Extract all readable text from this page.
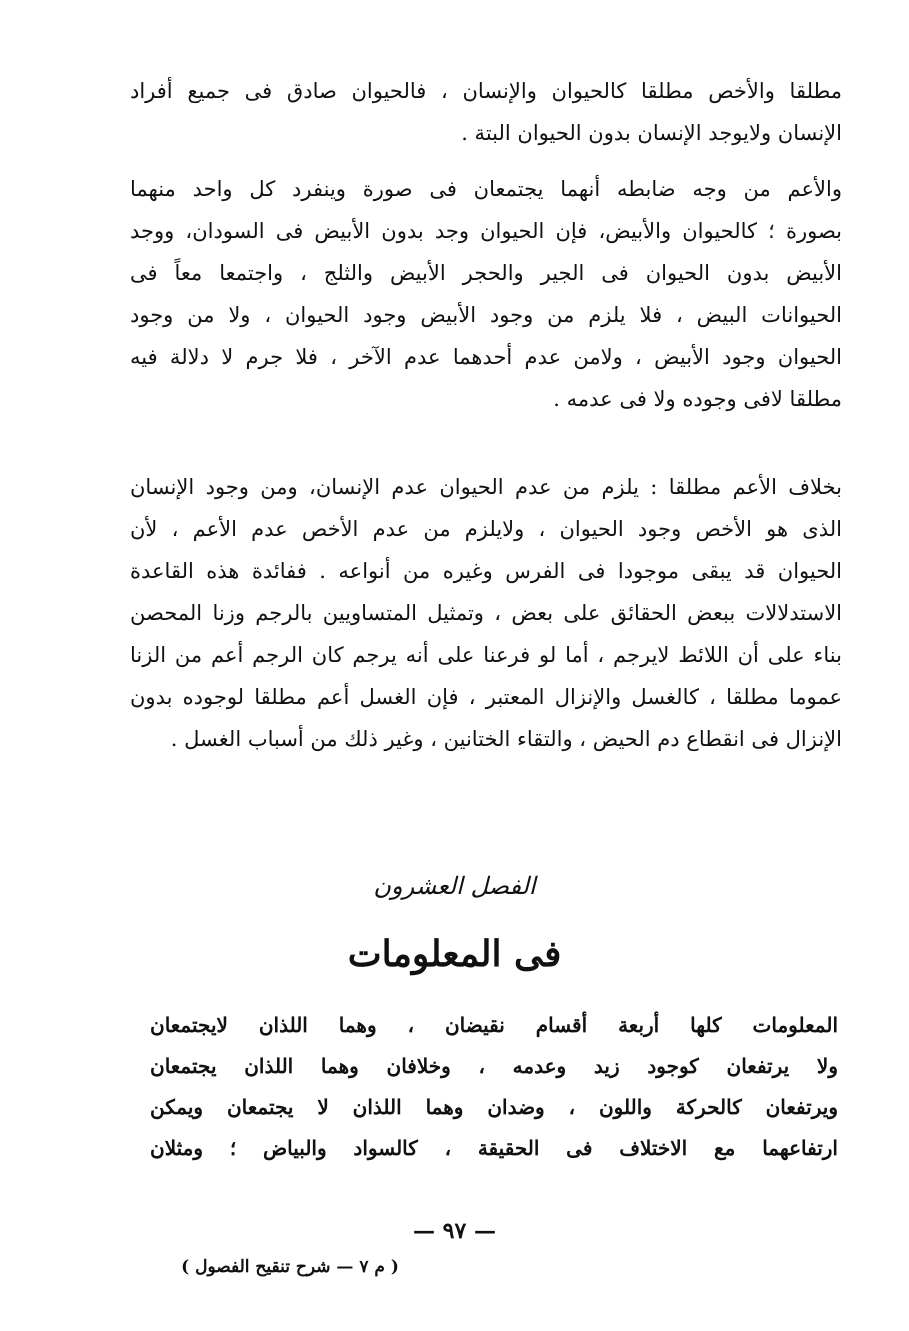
مطلقا والأخص مطلقا كالحيوان والإنسان ، فالحيوان صادق فى جميع أفراد
الإنسان ولايوجد الإنسان بدون الحيوان البتة .
والأعم من وجه ضابطه أنهما يجتمعان فى صورة وينفرد كل واحد منهما
بصورة ؛ كالحيوان والأبيض، فإن الحيوان وجد بدون الأبيض فى السودان، ووجد
الأبيض بدون الحيوان فى الجير والحجر الأبيض والثلج ، واجتمعا معاً فى
الحيوانات البيض ، فلا يلزم من وجود الأبيض وجود الحيوان ، ولا من وجود
الحيوان وجود الأبيض ، ولامن عدم أحدهما عدم الآخر ، فلا جرم لا دلالة فيه
مطلقا لافى وجوده ولا فى عدمه .
بخلاف الأعم مطلقا : يلزم من عدم الحيوان عدم الإنسان، ومن وجود الإنسان
الذى هو الأخص وجود الحيوان ، ولايلزم من عدم الأخص عدم الأعم ، لأن
الحيوان قد يبقى موجودا فى الفرس وغيره من أنواعه . ففائدة هذه القاعدة
الاستدلالات ببعض الحقائق على بعض ، وتمثيل المتساويين بالرجم وزنا المحصن
بناء على أن اللائط لايرجم ، أما لو فرعنا على أنه يرجم كان الرجم أعم من الزنا
عموما مطلقا ، كالغسل والإنزال المعتبر ، فإن الغسل أعم مطلقا لوجوده بدون
الإنزال فى انقطاع دم الحيض ، والتقاء الختانين ، وغير ذلك من أسباب الغسل .
الفصل العشرون
فى المعلومات
المعلومات كلها أربعة أقسام نقيضان ، وهما اللذان لايجتمعان
ولا يرتفعان كوجود زيد وعدمه ، وخلافان وهما اللذان يجتمعان
ويرتفعان كالحركة واللون ، وضدان وهما اللذان لا يجتمعان ويمكن
ارتفاعهما مع الاختلاف فى الحقيقة ، كالسواد والبياض ؛ ومثلان
— ٩٧ —
( م ٧ — شرح تنقيح الفصول )
